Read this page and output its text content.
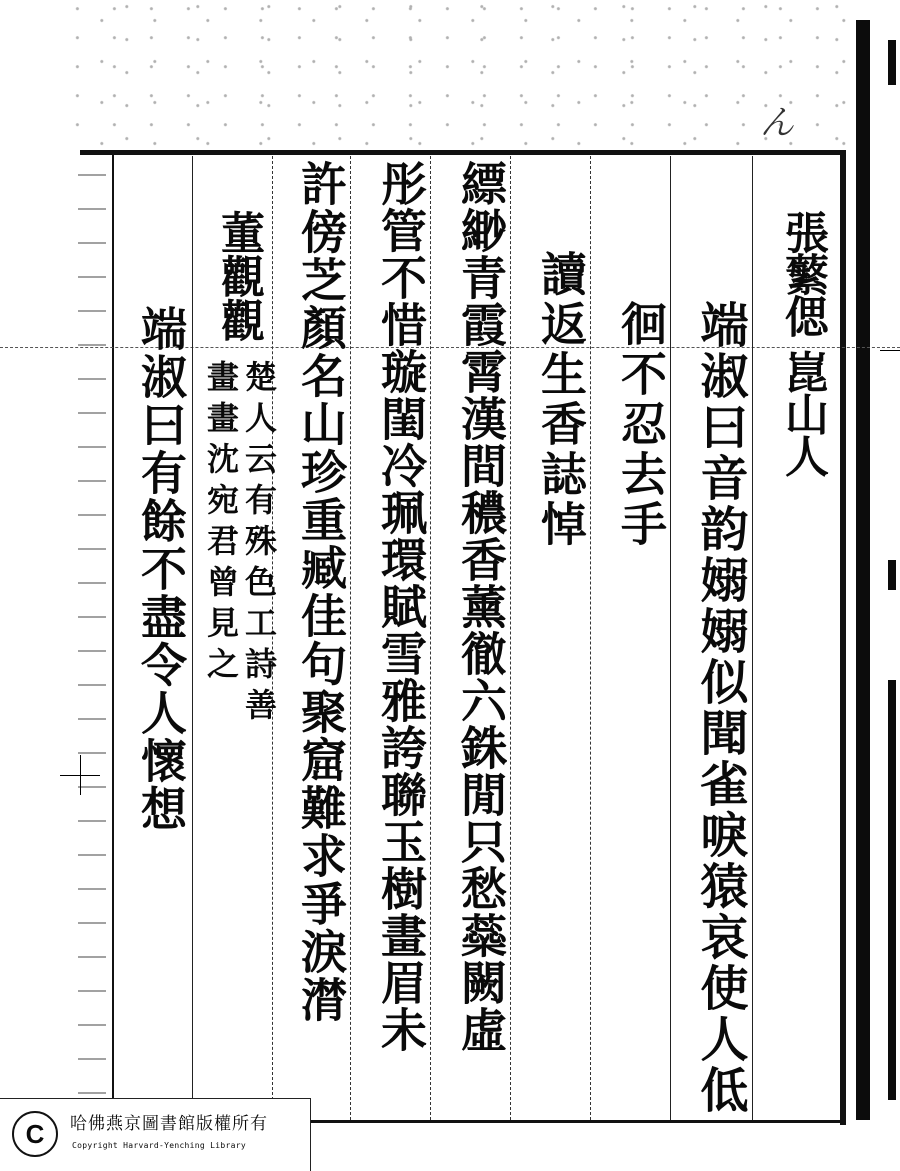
ん
張蘩偲 崑山人
端淑曰音韵嫋嫋似聞雀唳猿哀使人低
徊不忍去手
讀返生香誌悼
縹緲青霞霄漢間穠香薰徹六銖閒只愁蘂闕虛
彤管不惜璇閨冷珮環賦雪雅誇聯玉樹畫眉未
許傍芝顏名山珍重臧佳句聚窟難求爭淚潸
董觀觀
楚人云有殊色工詩善
畫畫沈宛君曾見之
端淑曰有餘不盡令人懷想
C	哈佛燕京圖書館版權所有
Copyright Harvard-Yenching Library
